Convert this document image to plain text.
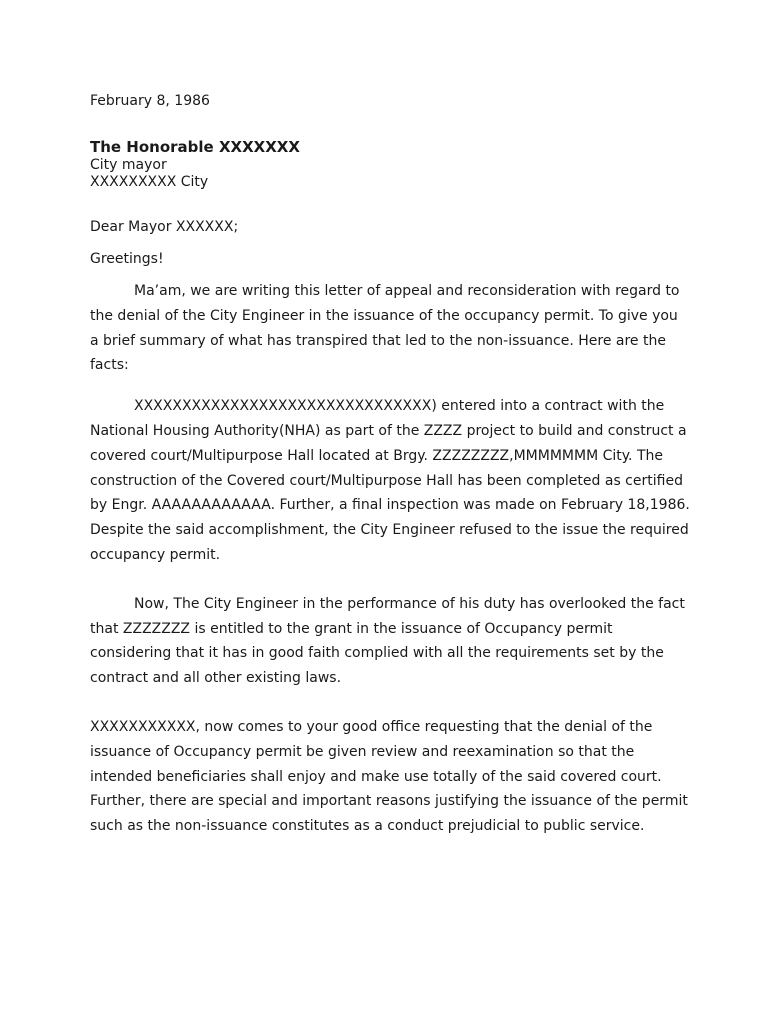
February 8, 1986

The Honorable XXXXXXX

City mayor

XXXXXXXXX City

Dear Mayor XXXXXX;

Greetings!

Ma’am, we are writing this letter of appeal and reconsideration with regard to the denial of the City Engineer in the issuance of the occupancy permit. To give you a brief summary of what has transpired that led to the non-issuance. Here are the facts:

XXXXXXXXXXXXXXXXXXXXXXXXXXXXXXX) entered into a contract with the National Housing Authority(NHA) as part of the ZZZZ project to build and construct a covered court/Multipurpose Hall located at Brgy. ZZZZZZZZ,MMMMMMM City. The construction of the Covered court/Multipurpose Hall has been completed as certified by Engr. AAAAAAAAAAAA. Further, a final inspection was made on February 18,1986. Despite the said accomplishment, the City Engineer refused to the issue the required occupancy permit.

Now, The City Engineer in the performance of his duty has overlooked the fact that ZZZZZZZ is entitled to the grant in the issuance of Occupancy permit considering that it has in good faith complied with all the requirements set by the contract and all other existing laws.

XXXXXXXXXXX, now comes to your good office requesting that the denial of the issuance of Occupancy permit be given review and reexamination so that the intended beneficiaries shall enjoy and make use totally of the said covered court. Further, there are special and important reasons justifying the issuance of the permit such as the non-issuance constitutes as a conduct prejudicial to public service.
